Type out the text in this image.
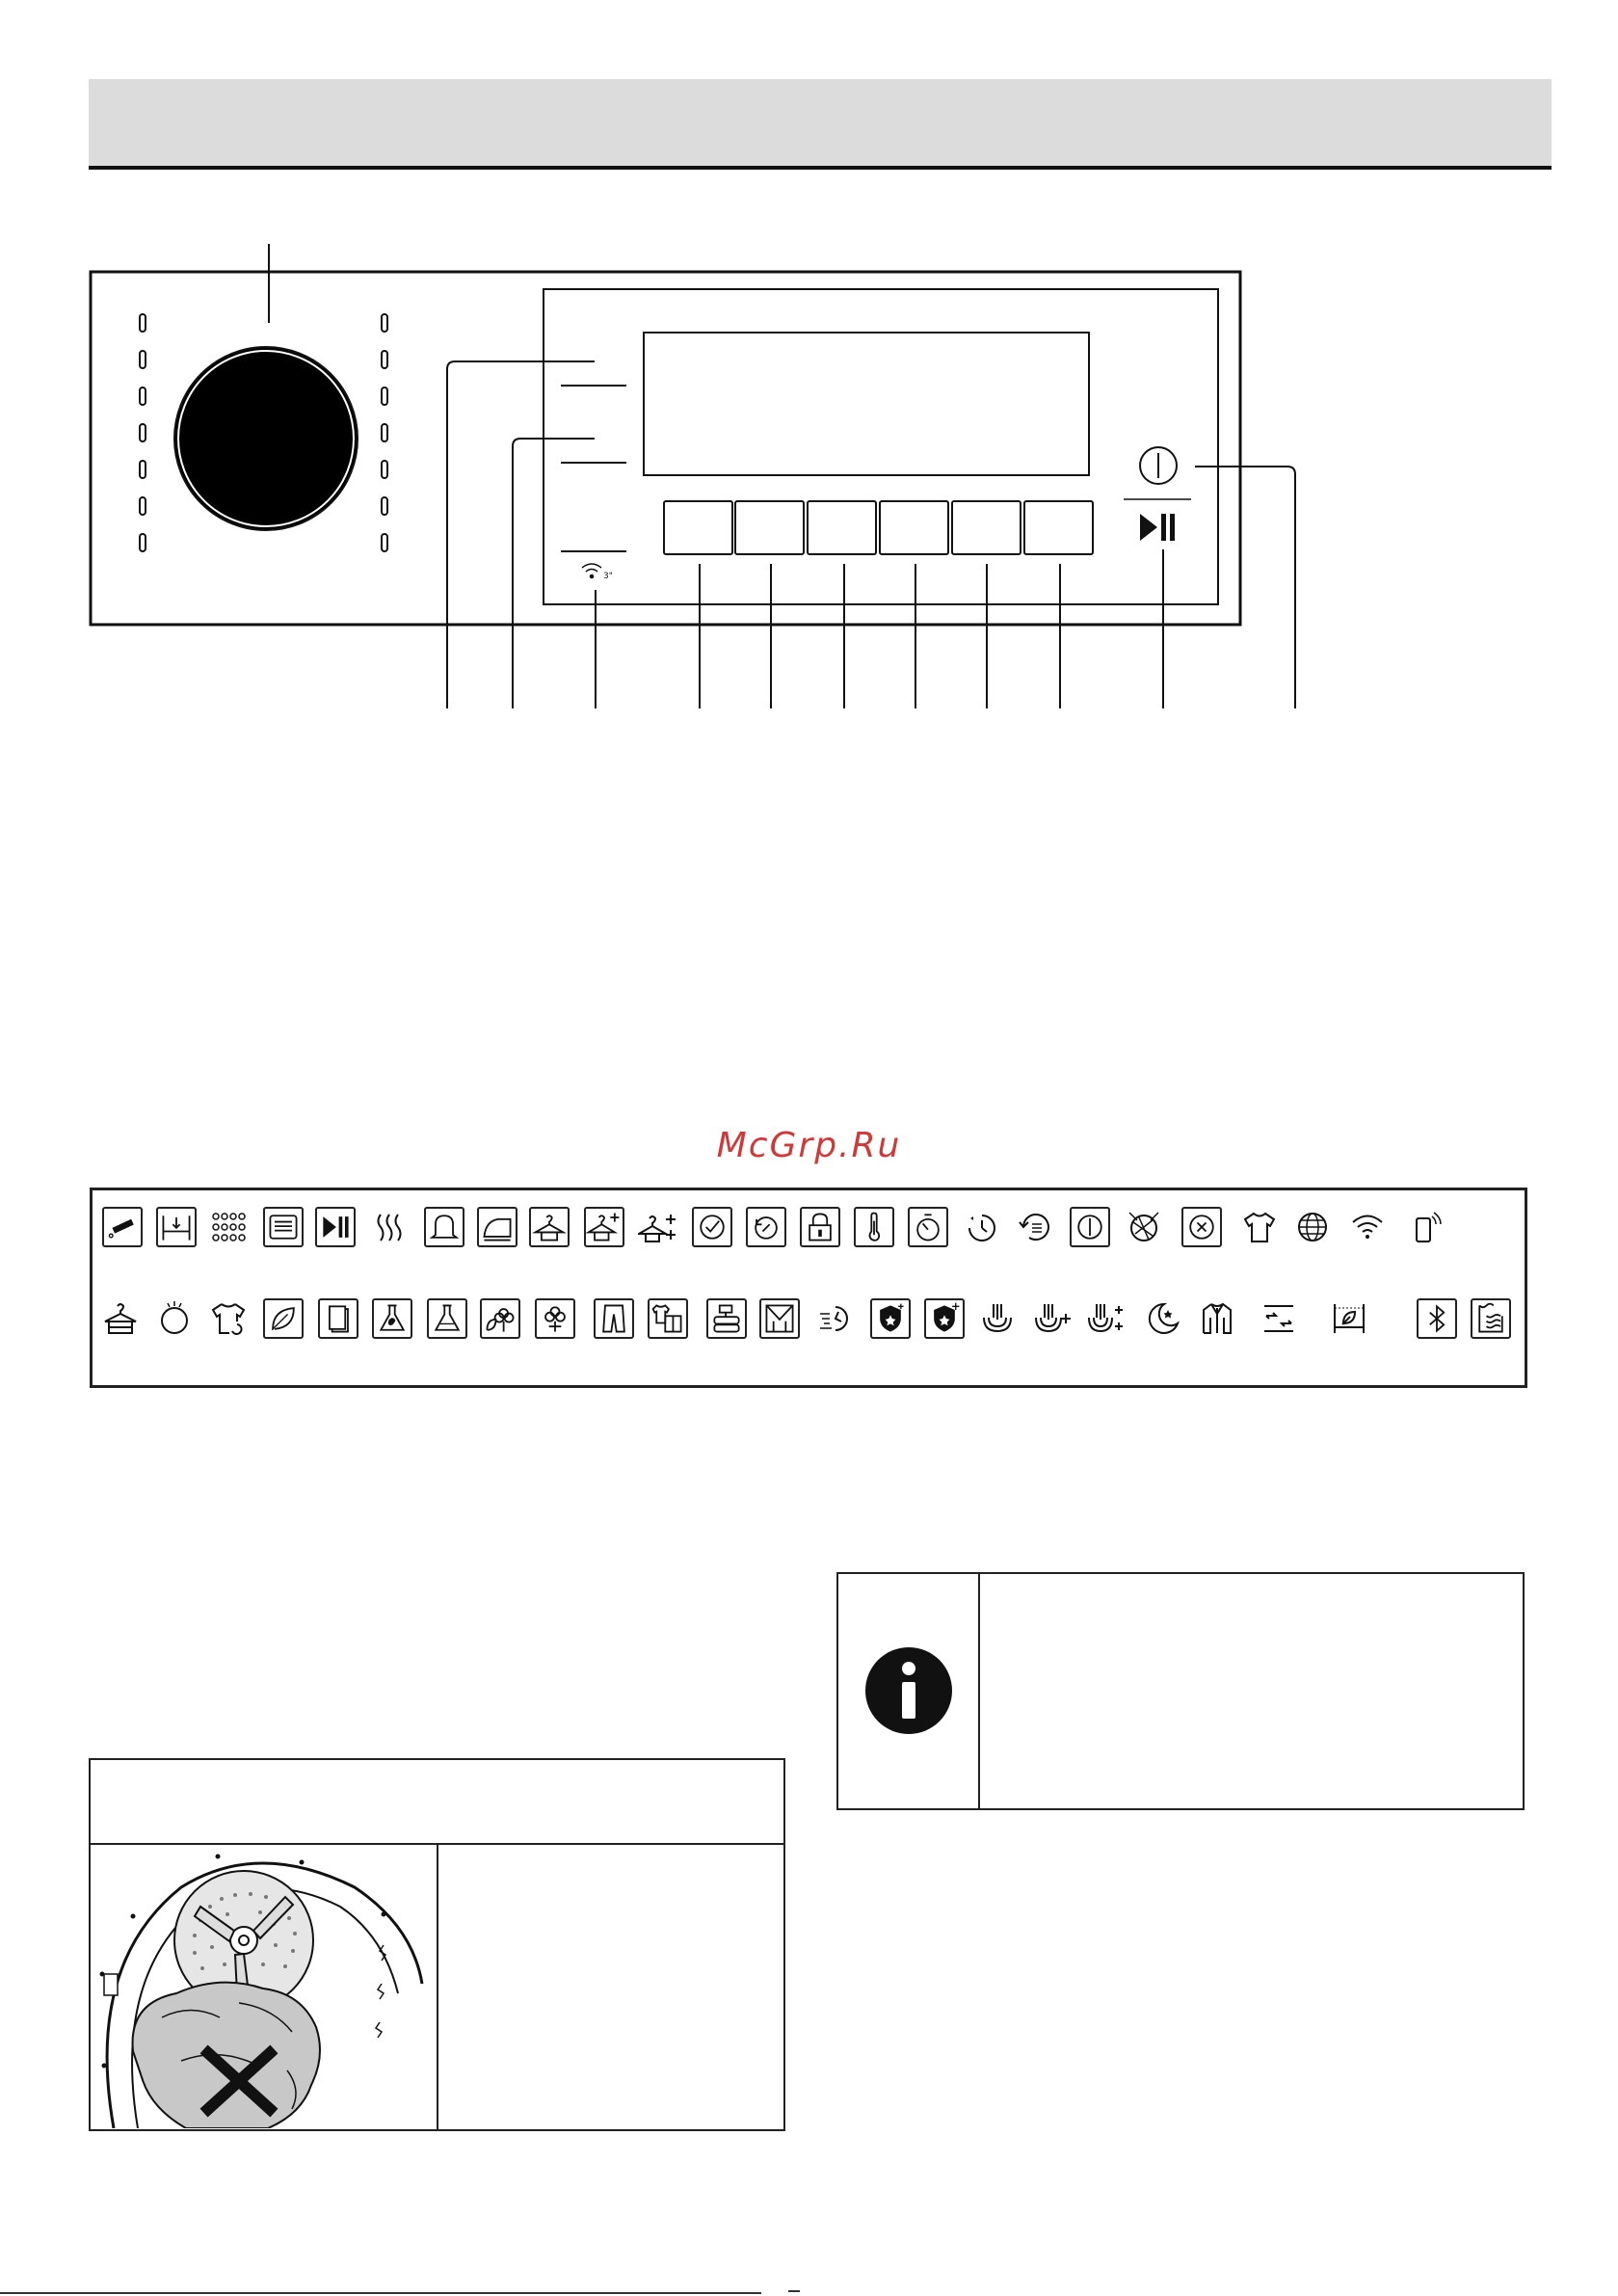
3"
McGrp.Ru
